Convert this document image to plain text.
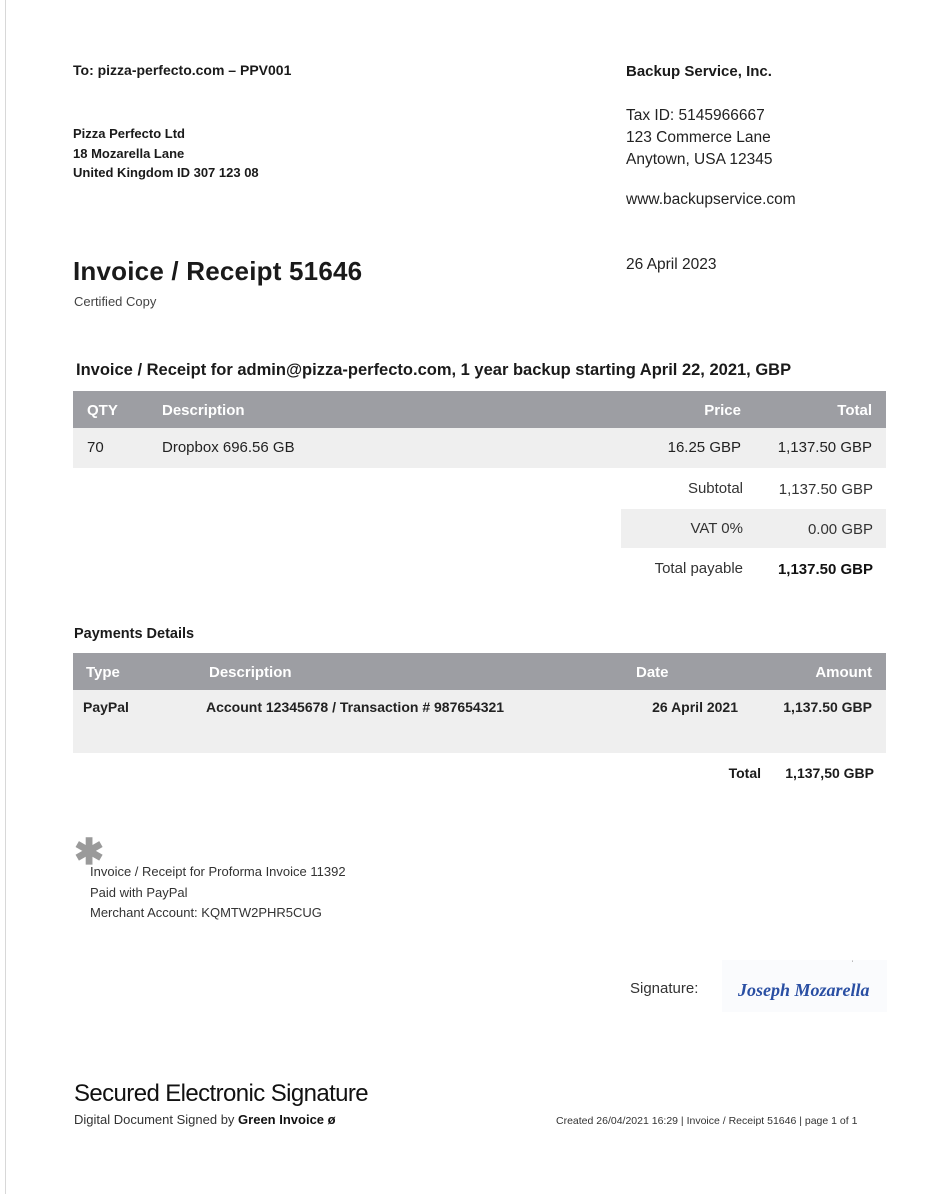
To: pizza-perfecto.com – PPV001
Pizza Perfecto Ltd
18 Mozarella Lane
United Kingdom ID 307 123 08
Backup Service, Inc.
Tax ID: 5145966667
123 Commerce Lane
Anytown, USA 12345
www.backupservice.com
26 April 2023
Invoice / Receipt 51646
Certified Copy
Invoice / Receipt for admin@pizza-perfecto.com, 1 year backup starting April 22, 2021, GBP
QTY	Description	Price	Total
70	Dropbox 696.56 GB	16.25 GBP 1,137.50 GBP
Subtotal 1,137.50 GBP
VAT 0%	0.00 GBP
Total payable 1,137.50 GBP
Payments Details
Type	Description	Date	Amount
PayPal	Account 12345678 / Transaction # 987654321	26 April 2021	1,137.50 GBP
Total 1,137,50 GBP
✱
Invoice / Receipt for Proforma Invoice 11392
Paid with PayPal
Merchant Account: KQMTW2PHR5CUG
Signature:
ˈ
Joseph Mozarella
Secured Electronic Signature
Digital Document Signed by Green Invoice ø	Created 26/04/2021 16:29 | Invoice / Receipt 51646 | page 1 of 1
